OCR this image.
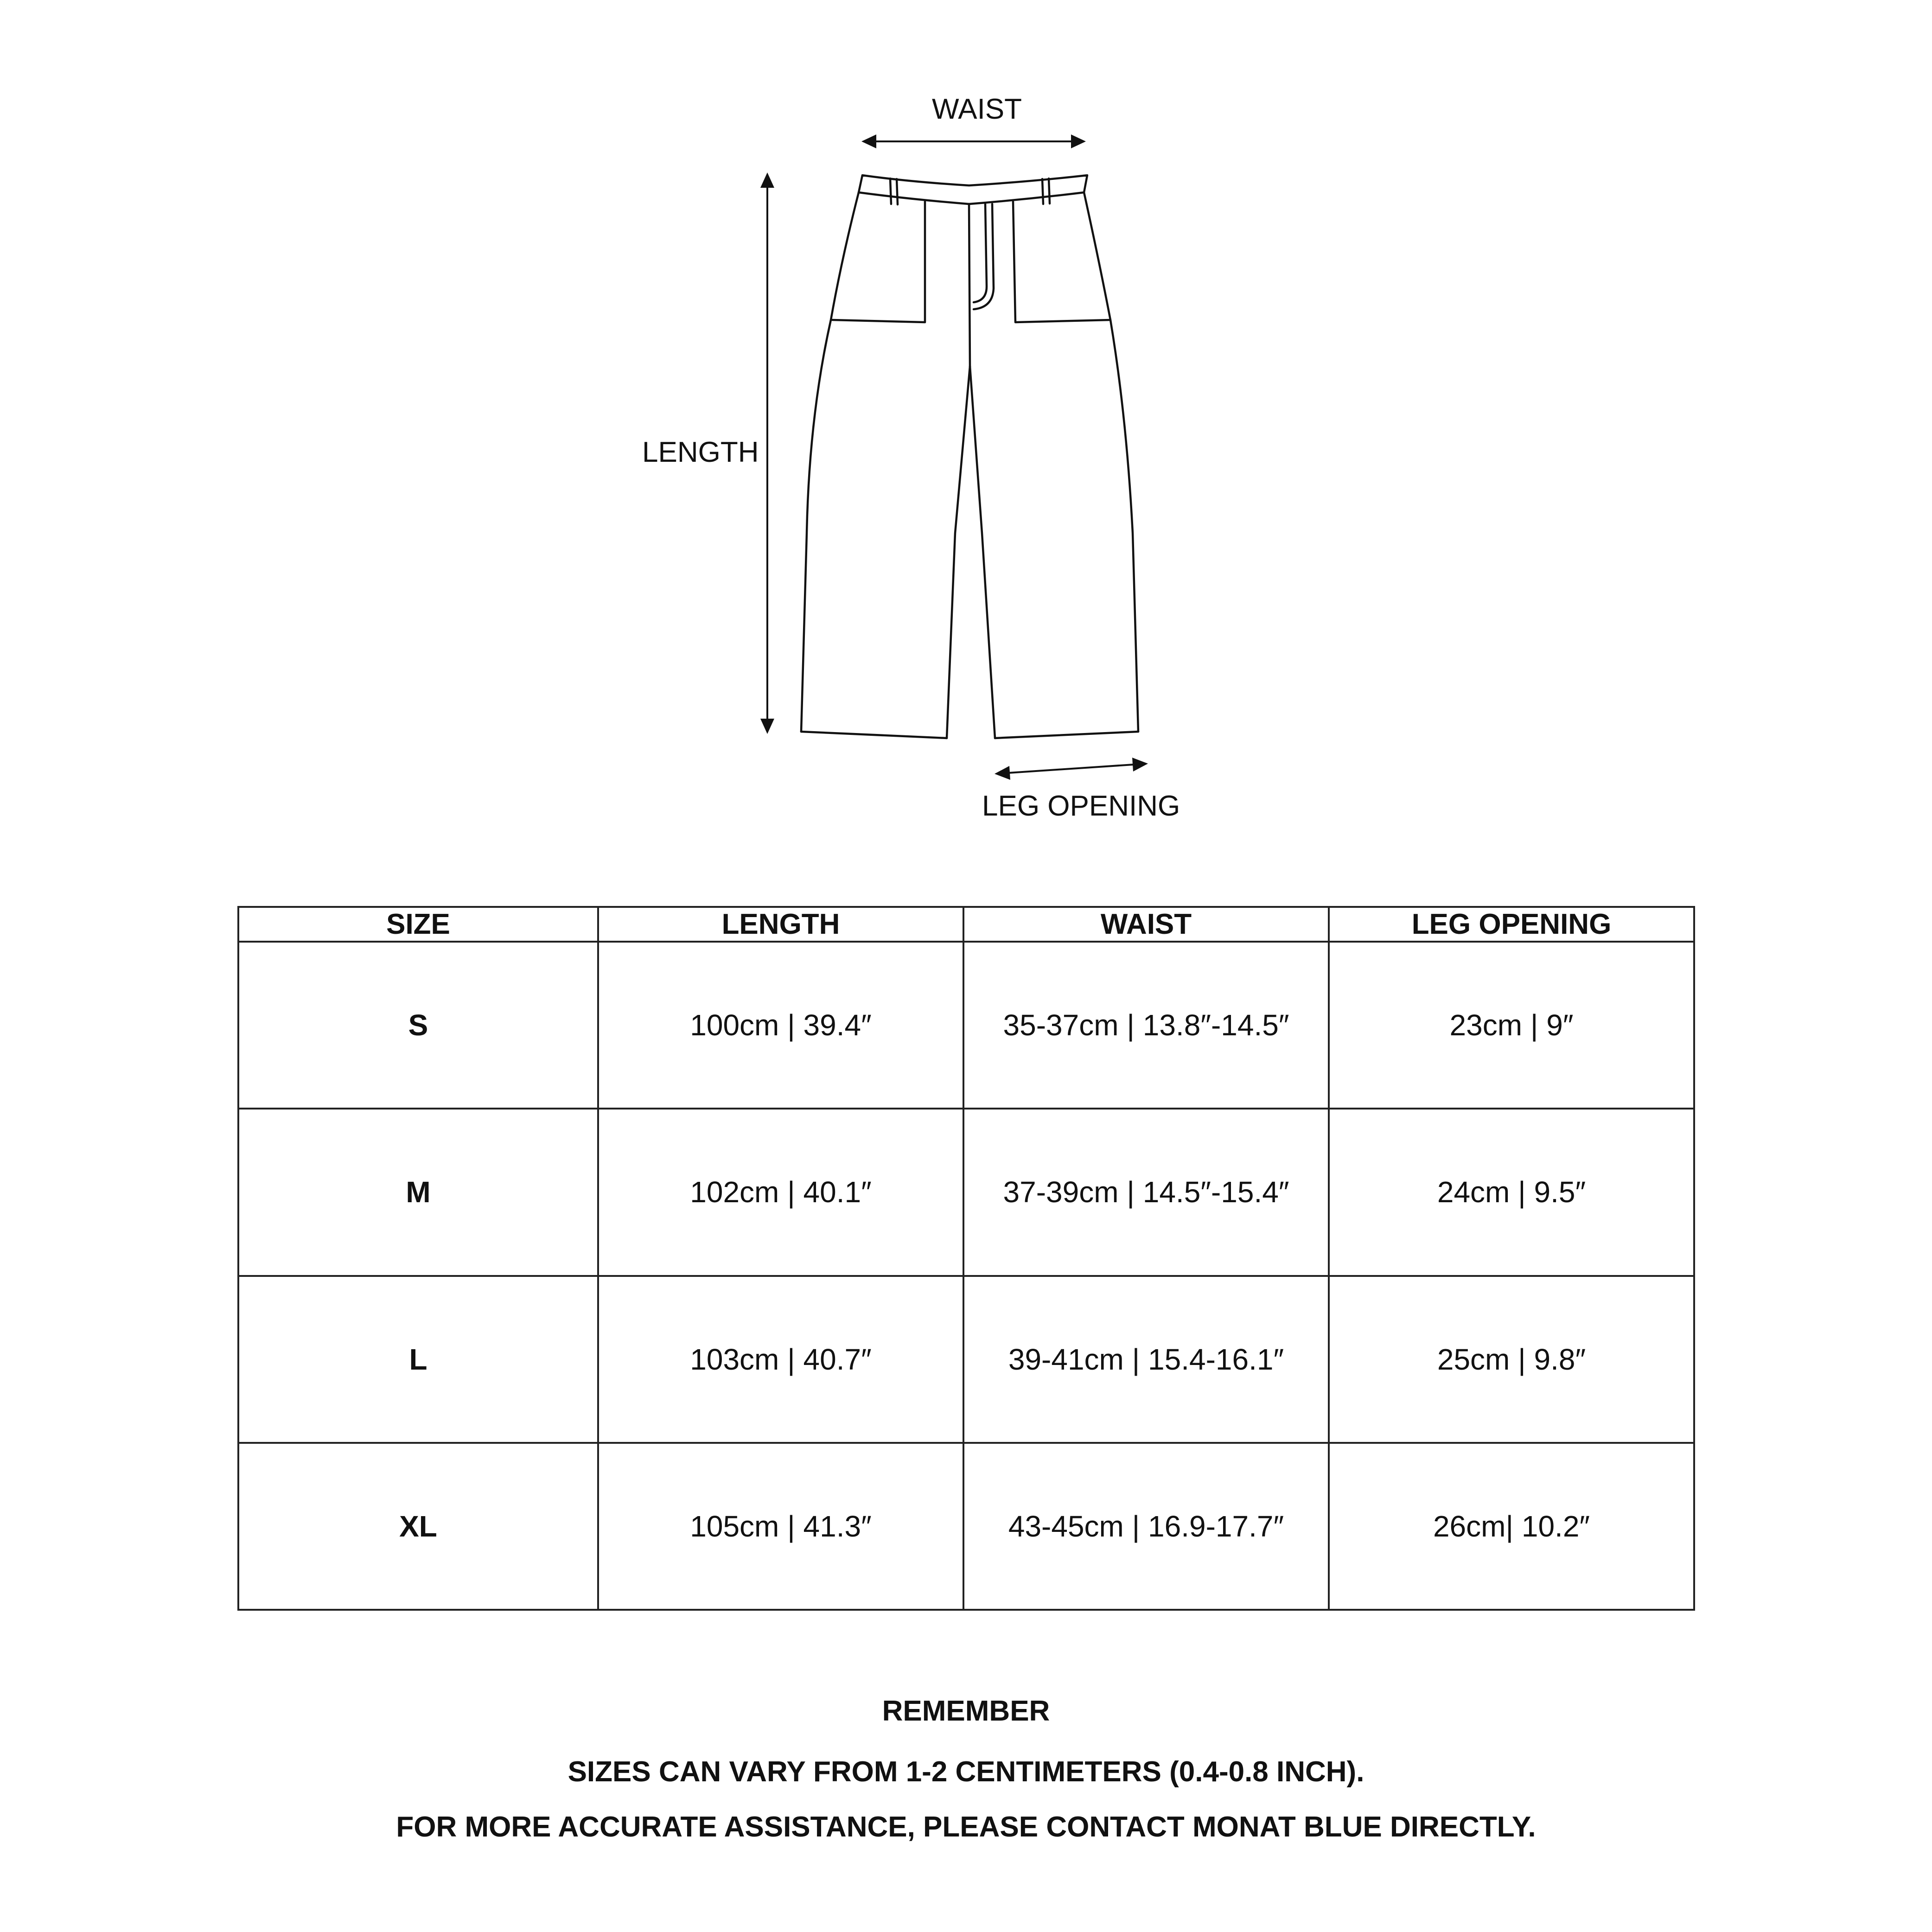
WAIST
LENGTH
LEG OPENING
SIZE	LENGTH	WAIST	LEG OPENING
S	100cm | 39.4″	35-37cm | 13.8″-14.5″	23cm | 9″
M	102cm | 40.1″	37-39cm | 14.5″-15.4″	24cm | 9.5″
L	103cm | 40.7″	39-41cm | 15.4-16.1″	25cm | 9.8″
XL	105cm | 41.3″	43-45cm | 16.9-17.7″	26cm| 10.2″
REMEMBER
SIZES CAN VARY FROM 1-2 CENTIMETERS (0.4-0.8 INCH).
FOR MORE ACCURATE ASSISTANCE, PLEASE CONTACT MONAT BLUE DIRECTLY.
